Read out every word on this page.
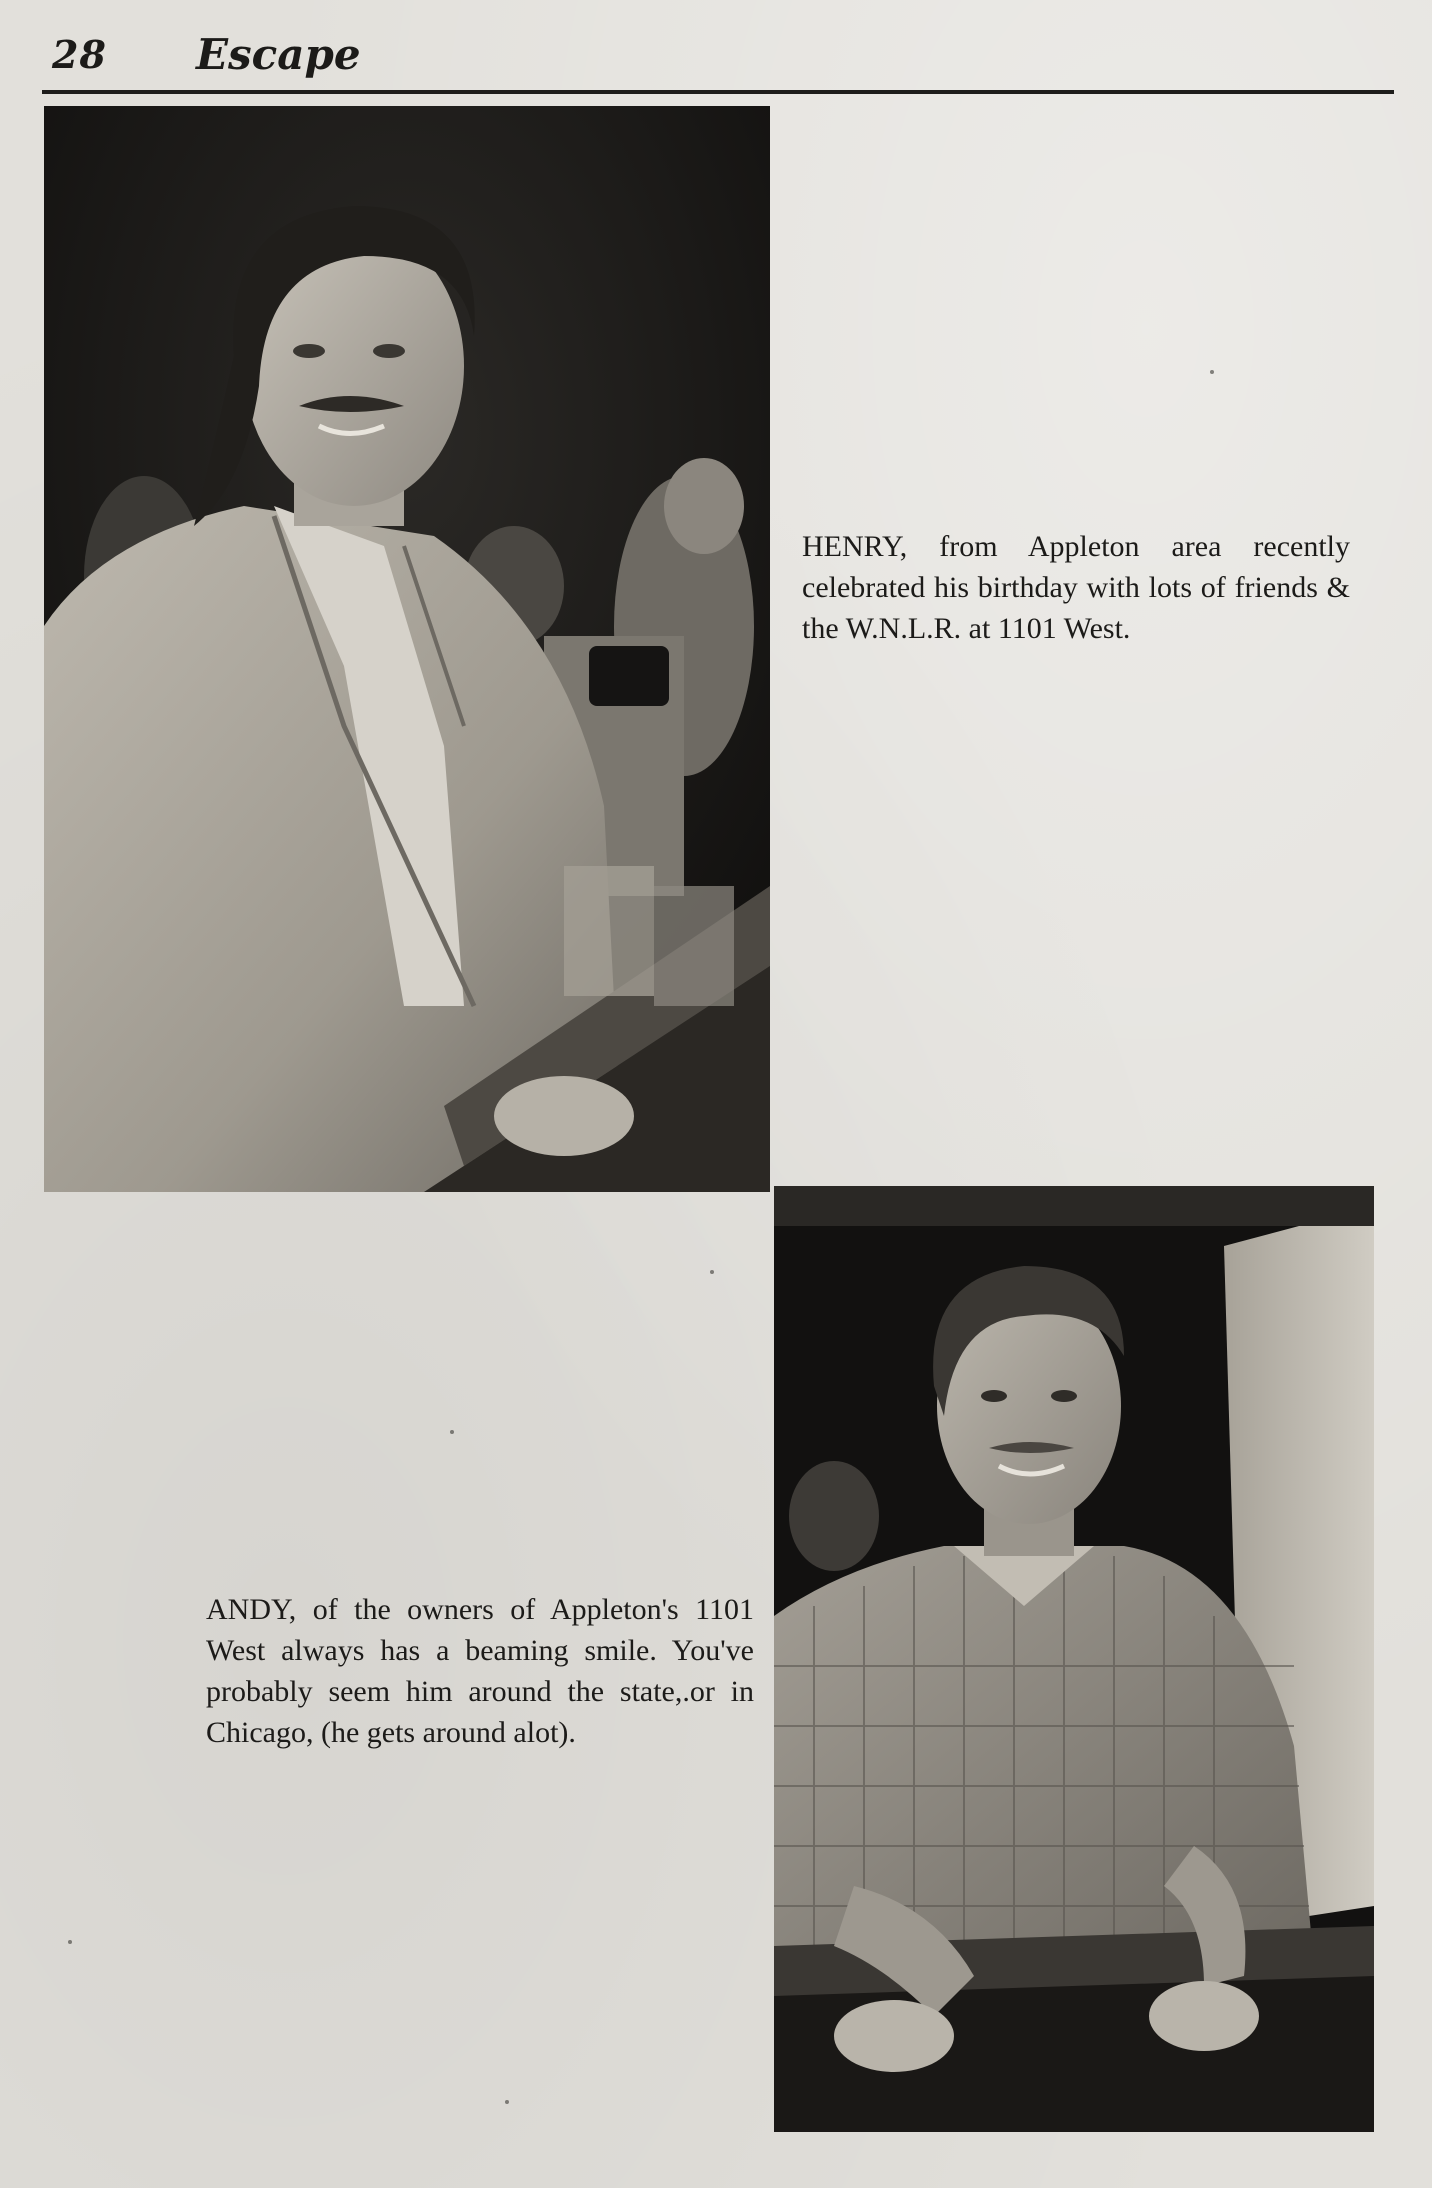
28 Escape
HENRY, from Appleton area recently celebrated his birthday with lots of friends & the W.N.L.R. at 1101 West.
ANDY, of the owners of Appleton's 1101 West always has a beaming smile. You've probably seem him around the state,.or in Chicago, (he gets around alot).
